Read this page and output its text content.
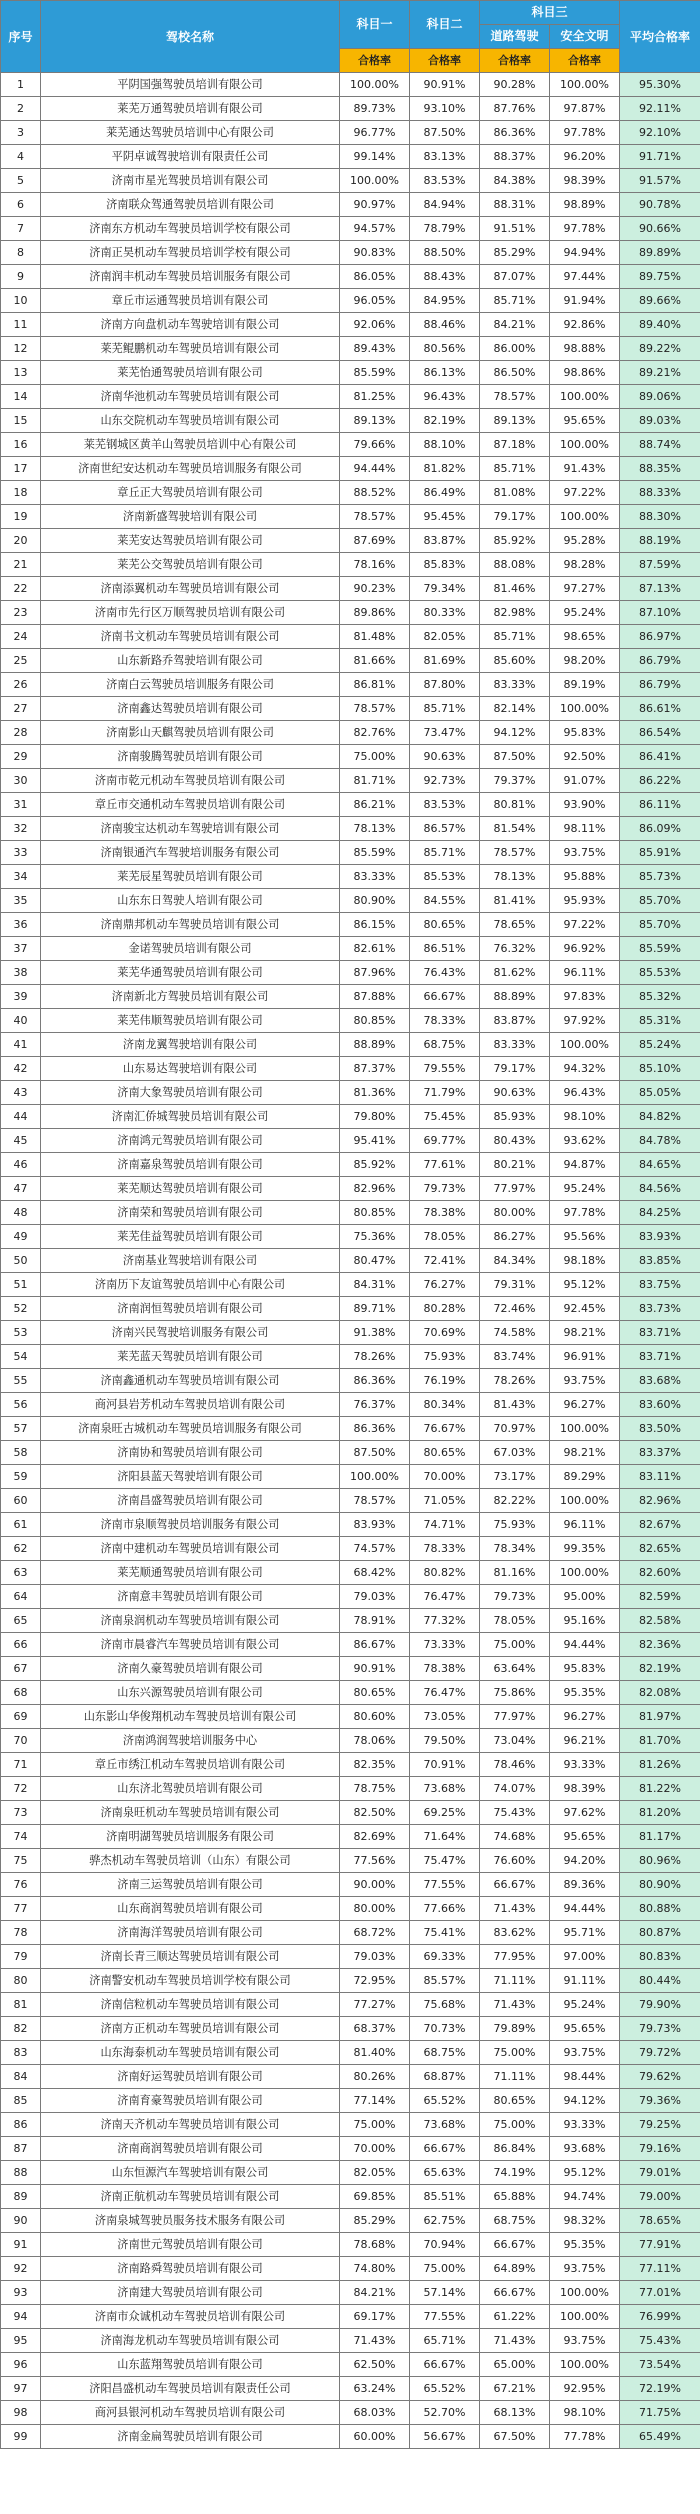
序号	驾校名称	科目一	科目二	科目三		平均合格率
				道路驾驶	安全文明	
		合格率	合格率	合格率	合格率	
1	平阴国强驾驶员培训有限公司	100.00%	90.91%	90.28%	100.00%	95.30%
2	莱芜万通驾驶员培训有限公司	89.73%	93.10%	87.76%	97.87%	92.11%
3	莱芜通达驾驶员培训中心有限公司	96.77%	87.50%	86.36%	97.78%	92.10%
4	平阴卓诚驾驶培训有限责任公司	99.14%	83.13%	88.37%	96.20%	91.71%
5	济南市星光驾驶员培训有限公司	100.00%	83.53%	84.38%	98.39%	91.57%
6	济南联众驾通驾驶员培训有限公司	90.97%	84.94%	88.31%	98.89%	90.78%
7	济南东方机动车驾驶员培训学校有限公司	94.57%	78.79%	91.51%	97.78%	90.66%
8	济南正昊机动车驾驶员培训学校有限公司	90.83%	88.50%	85.29%	94.94%	89.89%
9	济南润丰机动车驾驶员培训服务有限公司	86.05%	88.43%	87.07%	97.44%	89.75%
10	章丘市运通驾驶员培训有限公司	96.05%	84.95%	85.71%	91.94%	89.66%
11	济南方向盘机动车驾驶培训有限公司	92.06%	88.46%	84.21%	92.86%	89.40%
12	莱芜鲲鹏机动车驾驶员培训有限公司	89.43%	80.56%	86.00%	98.88%	89.22%
13	莱芜怡通驾驶员培训有限公司	85.59%	86.13%	86.50%	98.86%	89.21%
14	济南华池机动车驾驶员培训有限公司	81.25%	96.43%	78.57%	100.00%	89.06%
15	山东交院机动车驾驶员培训有限公司	89.13%	82.19%	89.13%	95.65%	89.03%
16	莱芜钢城区黄羊山驾驶员培训中心有限公司	79.66%	88.10%	87.18%	100.00%	88.74%
17	济南世纪安达机动车驾驶员培训服务有限公司	94.44%	81.82%	85.71%	91.43%	88.35%
18	章丘正大驾驶员培训有限公司	88.52%	86.49%	81.08%	97.22%	88.33%
19	济南新盛驾驶培训有限公司	78.57%	95.45%	79.17%	100.00%	88.30%
20	莱芜安达驾驶员培训有限公司	87.69%	83.87%	85.92%	95.28%	88.19%
21	莱芜公交驾驶员培训有限公司	78.16%	85.83%	88.08%	98.28%	87.59%
22	济南添翼机动车驾驶员培训有限公司	90.23%	79.34%	81.46%	97.27%	87.13%
23	济南市先行区万顺驾驶员培训有限公司	89.86%	80.33%	82.98%	95.24%	87.10%
24	济南书文机动车驾驶员培训有限公司	81.48%	82.05%	85.71%	98.65%	86.97%
25	山东新路乔驾驶培训有限公司	81.66%	81.69%	85.60%	98.20%	86.79%
26	济南白云驾驶员培训服务有限公司	86.81%	87.80%	83.33%	89.19%	86.79%
27	济南鑫达驾驶员培训有限公司	78.57%	85.71%	82.14%	100.00%	86.61%
28	济南影山天麒驾驶员培训有限公司	82.76%	73.47%	94.12%	95.83%	86.54%
29	济南骏腾驾驶员培训有限公司	75.00%	90.63%	87.50%	92.50%	86.41%
30	济南市乾元机动车驾驶员培训有限公司	81.71%	92.73%	79.37%	91.07%	86.22%
31	章丘市交通机动车驾驶员培训有限公司	86.21%	83.53%	80.81%	93.90%	86.11%
32	济南骏宝达机动车驾驶培训有限公司	78.13%	86.57%	81.54%	98.11%	86.09%
33	济南银通汽车驾驶培训服务有限公司	85.59%	85.71%	78.57%	93.75%	85.91%
34	莱芜辰星驾驶员培训有限公司	83.33%	85.53%	78.13%	95.88%	85.73%
35	山东东日驾驶人培训有限公司	80.90%	84.55%	81.41%	95.93%	85.70%
36	济南鼎邦机动车驾驶员培训有限公司	86.15%	80.65%	78.65%	97.22%	85.70%
37	金诺驾驶员培训有限公司	82.61%	86.51%	76.32%	96.92%	85.59%
38	莱芜华通驾驶员培训有限公司	87.96%	76.43%	81.62%	96.11%	85.53%
39	济南新北方驾驶员培训有限公司	87.88%	66.67%	88.89%	97.83%	85.32%
40	莱芜伟顺驾驶员培训有限公司	80.85%	78.33%	83.87%	97.92%	85.31%
41	济南龙翼驾驶培训有限公司	88.89%	68.75%	83.33%	100.00%	85.24%
42	山东易达驾驶培训有限公司	87.37%	79.55%	79.17%	94.32%	85.10%
43	济南大象驾驶员培训有限公司	81.36%	71.79%	90.63%	96.43%	85.05%
44	济南汇侨城驾驶员培训有限公司	79.80%	75.45%	85.93%	98.10%	84.82%
45	济南鸿元驾驶员培训有限公司	95.41%	69.77%	80.43%	93.62%	84.78%
46	济南嘉泉驾驶员培训有限公司	85.92%	77.61%	80.21%	94.87%	84.65%
47	莱芜顺达驾驶员培训有限公司	82.96%	79.73%	77.97%	95.24%	84.56%
48	济南荣和驾驶员培训有限公司	80.85%	78.38%	80.00%	97.78%	84.25%
49	莱芜佳益驾驶员培训有限公司	75.36%	78.05%	86.27%	95.56%	83.93%
50	济南基业驾驶培训有限公司	80.47%	72.41%	84.34%	98.18%	83.85%
51	济南历下友谊驾驶员培训中心有限公司	84.31%	76.27%	79.31%	95.12%	83.75%
52	济南润恒驾驶员培训有限公司	89.71%	80.28%	72.46%	92.45%	83.73%
53	济南兴民驾驶培训服务有限公司	91.38%	70.69%	74.58%	98.21%	83.71%
54	莱芜蓝天驾驶员培训有限公司	78.26%	75.93%	83.74%	96.91%	83.71%
55	济南鑫通机动车驾驶员培训有限公司	86.36%	76.19%	78.26%	93.75%	83.68%
56	商河县岩芳机动车驾驶员培训有限公司	76.37%	80.34%	81.43%	96.27%	83.60%
57	济南泉旺古城机动车驾驶员培训服务有限公司	86.36%	76.67%	70.97%	100.00%	83.50%
58	济南协和驾驶员培训有限公司	87.50%	80.65%	67.03%	98.21%	83.37%
59	济阳县蓝天驾驶培训有限公司	100.00%	70.00%	73.17%	89.29%	83.11%
60	济南昌盛驾驶员培训有限公司	78.57%	71.05%	82.22%	100.00%	82.96%
61	济南市泉顺驾驶员培训服务有限公司	83.93%	74.71%	75.93%	96.11%	82.67%
62	济南中建机动车驾驶员培训有限公司	74.57%	78.33%	78.34%	99.35%	82.65%
63	莱芜顺通驾驶员培训有限公司	68.42%	80.82%	81.16%	100.00%	82.60%
64	济南意丰驾驶员培训有限公司	79.03%	76.47%	79.73%	95.00%	82.59%
65	济南泉润机动车驾驶员培训有限公司	78.91%	77.32%	78.05%	95.16%	82.58%
66	济南市晨睿汽车驾驶员培训有限公司	86.67%	73.33%	75.00%	94.44%	82.36%
67	济南久豪驾驶员培训有限公司	90.91%	78.38%	63.64%	95.83%	82.19%
68	山东兴源驾驶员培训有限公司	80.65%	76.47%	75.86%	95.35%	82.08%
69	山东影山华俊翔机动车驾驶员培训有限公司	80.60%	73.05%	77.97%	96.27%	81.97%
70	济南鸿润驾驶培训服务中心	78.06%	79.50%	73.04%	96.21%	81.70%
71	章丘市绣江机动车驾驶员培训有限公司	82.35%	70.91%	78.46%	93.33%	81.26%
72	山东济北驾驶员培训有限公司	78.75%	73.68%	74.07%	98.39%	81.22%
73	济南泉旺机动车驾驶员培训有限公司	82.50%	69.25%	75.43%	97.62%	81.20%
74	济南明湖驾驶员培训服务有限公司	82.69%	71.64%	74.68%	95.65%	81.17%
75	骅杰机动车驾驶员培训（山东）有限公司	77.56%	75.47%	76.60%	94.20%	80.96%
76	济南三运驾驶员培训有限公司	90.00%	77.55%	66.67%	89.36%	80.90%
77	山东商润驾驶员培训有限公司	80.00%	77.66%	71.43%	94.44%	80.88%
78	济南海洋驾驶员培训有限公司	68.72%	75.41%	83.62%	95.71%	80.87%
79	济南长青三顺达驾驶员培训有限公司	79.03%	69.33%	77.95%	97.00%	80.83%
80	济南警安机动车驾驶员培训学校有限公司	72.95%	85.57%	71.11%	91.11%	80.44%
81	济南信粒机动车驾驶员培训有限公司	77.27%	75.68%	71.43%	95.24%	79.90%
82	济南方正机动车驾驶员培训有限公司	68.37%	70.73%	79.89%	95.65%	79.73%
83	山东海泰机动车驾驶员培训有限公司	81.40%	68.75%	75.00%	93.75%	79.72%
84	济南好运驾驶员培训有限公司	80.26%	68.87%	71.11%	98.44%	79.62%
85	济南育豪驾驶员培训有限公司	77.14%	65.52%	80.65%	94.12%	79.36%
86	济南天齐机动车驾驶员培训有限公司	75.00%	73.68%	75.00%	93.33%	79.25%
87	济南商润驾驶员培训有限公司	70.00%	66.67%	86.84%	93.68%	79.16%
88	山东恒源汽车驾驶培训有限公司	82.05%	65.63%	74.19%	95.12%	79.01%
89	济南正航机动车驾驶员培训有限公司	69.85%	85.51%	65.88%	94.74%	79.00%
90	济南泉城驾驶员服务技术服务有限公司	85.29%	62.75%	68.75%	98.32%	78.65%
91	济南世元驾驶员培训有限公司	78.68%	70.94%	66.67%	95.35%	77.91%
92	济南路舜驾驶员培训有限公司	74.80%	75.00%	64.89%	93.75%	77.11%
93	济南建大驾驶员培训有限公司	84.21%	57.14%	66.67%	100.00%	77.01%
94	济南市众诚机动车驾驶员培训有限公司	69.17%	77.55%	61.22%	100.00%	76.99%
95	济南海龙机动车驾驶员培训有限公司	71.43%	65.71%	71.43%	93.75%	75.43%
96	山东蓝翔驾驶员培训有限公司	62.50%	66.67%	65.00%	100.00%	73.54%
97	济阳昌盛机动车驾驶员培训有限责任公司	63.24%	65.52%	67.21%	92.95%	72.19%
98	商河县银河机动车驾驶员培训有限公司	68.03%	52.70%	68.13%	98.10%	71.75%
99	济南金扁驾驶员培训有限公司	60.00%	56.67%	67.50%	77.78%	65.49%
